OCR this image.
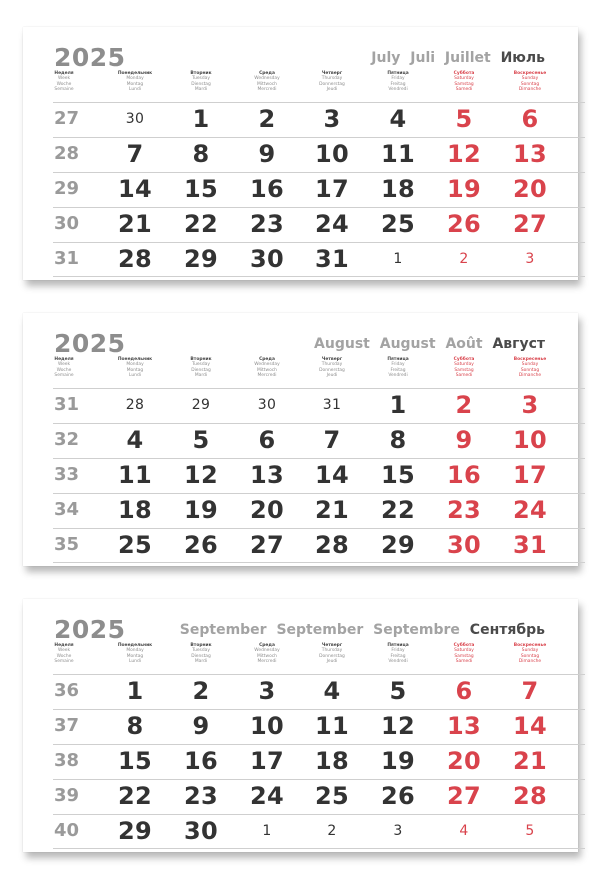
2025	July Juli Juillet Июль
Неделя
Week
Woche
Semaine
Понедельник
Monday
Montag
Lundi
Вторник
Tuesday
Dienstag
Mardi
Среда
Wednesday
Mittwoch
Mercredi
Четверг
Thursday
Donnerstag
Jeudi
Пятница
Friday
Freitag
Vendredi
Суббота
Saturday
Samstag
Samedi
Воскресенье
Sunday
Sonntag
Dimanche
27	30	1	2	3	4	5	6
28	7	8	9	10	11	12	13
29	14	15	16	17	18	19	20
30	21	22	23	24	25	26	27
31	28	29	30	31	1	2	3
2025	August August Août Август
Неделя
Week
Woche
Semaine
Понедельник
Monday
Montag
Lundi
Вторник
Tuesday
Dienstag
Mardi
Среда
Wednesday
Mittwoch
Mercredi
Четверг
Thursday
Donnerstag
Jeudi
Пятница
Friday
Freitag
Vendredi
Суббота
Saturday
Samstag
Samedi
Воскресенье
Sunday
Sonntag
Dimanche
31	28	29	30	31	1	2	3
32	4	5	6	7	8	9	10
33	11	12	13	14	15	16	17
34	18	19	20	21	22	23	24
35	25	26	27	28	29	30	31
2025	September September Septembre Сентябрь
Неделя
Week
Woche
Semaine
Понедельник
Monday
Montag
Lundi
Вторник
Tuesday
Dienstag
Mardi
Среда
Wednesday
Mittwoch
Mercredi
Четверг
Thursday
Donnerstag
Jeudi
Пятница
Friday
Freitag
Vendredi
Суббота
Saturday
Samstag
Samedi
Воскресенье
Sunday
Sonntag
Dimanche
36	1	2	3	4	5	6	7
37	8	9	10	11	12	13	14
38	15	16	17	18	19	20	21
39	22	23	24	25	26	27	28
40	29	30	1	2	3	4	5
